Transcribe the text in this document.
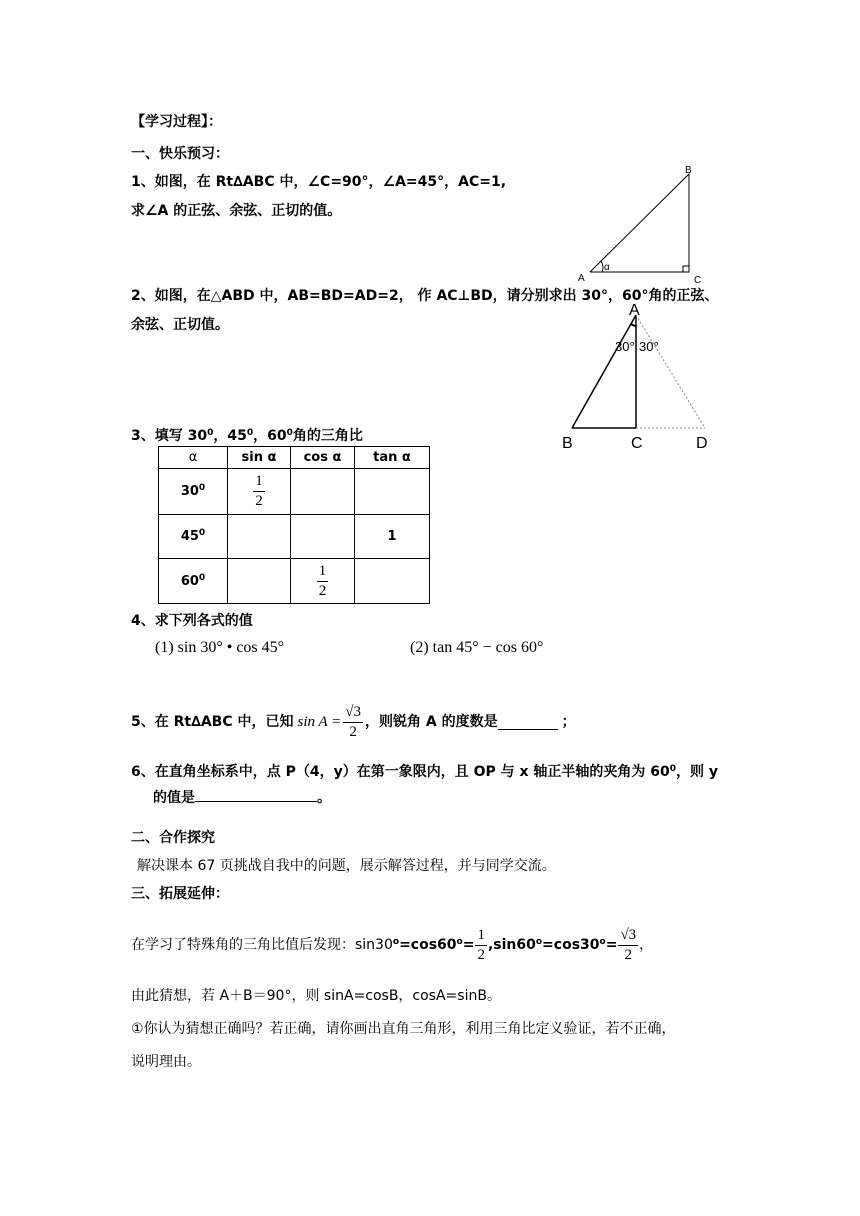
【学习过程】：
一、快乐预习：
1、如图，在 Rt∆ABC 中，∠C=90°，∠A=45°，AC=1,
求∠A 的正弦、余弦、正切的值。
B
A	C
α
2、如图，在△ABD 中，AB=BD=AD=2， 作 AC⊥BD，请分别求出 30°，60°角的正弦、
余弦、正切值。
A
30° 30°
B	C	D
3、填写 $30^0$，$45^0$，$60^0$角的三角比
α	sin α	cos α	tan α
$30^0$	$\frac{1}{2}$

$45^0$			1
$60^0$		$\frac{1}{2}$

4、求下列各式的值
(1) sin 30° • cos 45°	(2) tan 45° − cos 60°
5、在 Rt∆ABC 中，已知 $\sin A = \frac{√3}{2}$ ，则锐角 A 的度数是	；
6、在直角坐标系中，点 P（4，y）在第一象限内，且 OP 与 x 轴正半轴的夹角为 $60^0$，则 y
的值是	。
二、合作探究
解决课本 67 页挑战自我中的问题，展示解答过程，并与同学交流。
三、拓展延伸：
在学习了特殊角的三角比值后发现：sin30 $^o=\cos 60^o= \frac{1}{2} ,\sin 60^o=\cos 30^o= \frac{√3}{2}$ ，
由此猜想，若 A＋B＝90°，则 sinA=cosB，cosA=sinB。
①你认为猜想正确吗？若正确，请你画出直角三角形，利用三角比定义验证，若不正确，
说明理由。
